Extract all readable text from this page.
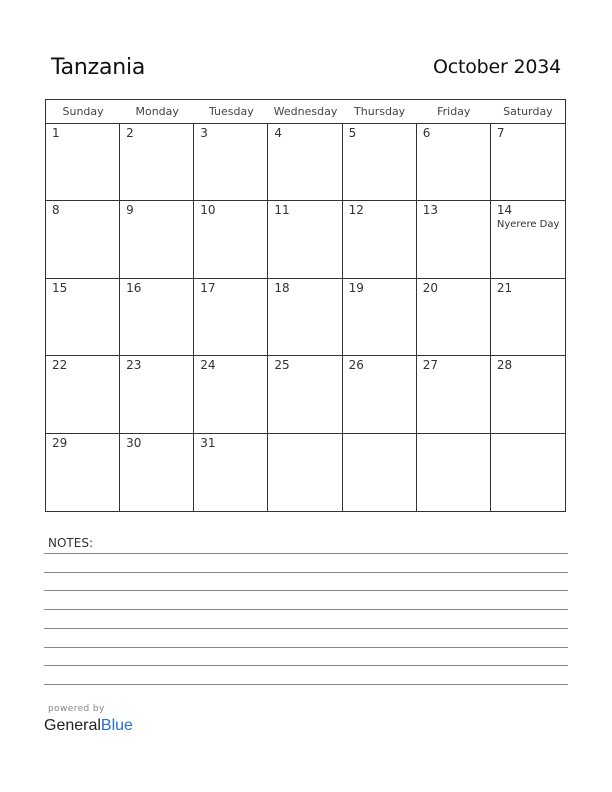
Tanzania	October 2034
Sunday	Monday	Tuesday	Wednesday	Thursday	Friday	Saturday
1	2	3	4	5	6	7
8	9	10	11	12	13	14
Nyerere Day
15	16	17	18	19	20	21
22	23	24	25	26	27	28
29	30	31
NOTES:
powered by
GeneralBlue
